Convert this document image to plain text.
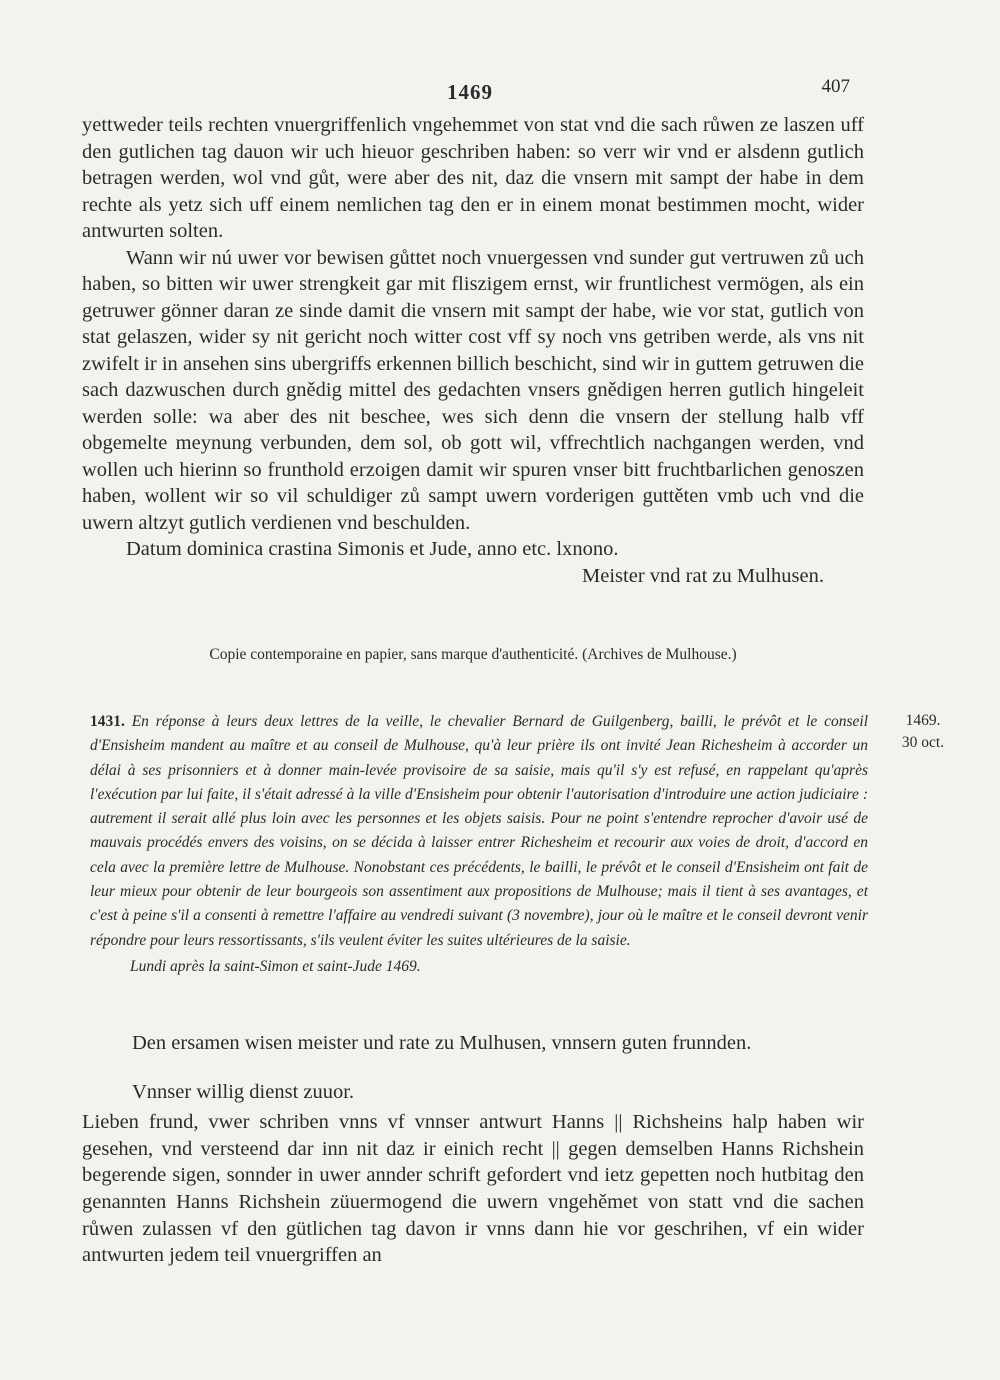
1469	407

yettweder teils rechten vnuergriffenlich vngehemmet von stat vnd die sach růwen ze laszen uff den gutlichen tag dauon wir uch hieuor geschriben haben: so verr wir vnd er alsdenn gutlich betragen werden, wol vnd gůt, were aber des nit, daz die vnsern mit sampt der habe in dem rechte als yetz sich uff einem nemlichen tag den er in einem monat bestimmen mocht, wider antwurten solten.

Wann wir nú uwer vor bewisen gůttet noch vnuergessen vnd sunder gut vertruwen zů uch haben, so bitten wir uwer strengkeit gar mit fliszigem ernst, wir fruntlichest vermögen, als ein getruwer gönner daran ze sinde damit die vnsern mit sampt der habe, wie vor stat, gutlich von stat gelaszen, wider sy nit gericht noch witter cost vff sy noch vns getriben werde, als vns nit zwifelt ir in ansehen sins ubergriffs erkennen billich beschicht, sind wir in guttem getruwen die sach dazwuschen durch gnědig mittel des gedachten vnsers gnědigen herren gutlich hingeleit werden solle: wa aber des nit beschee, wes sich denn die vnsern der stellung halb vff obgemelte meynung verbunden, dem sol, ob gott wil, vffrechtlich nachgangen werden, vnd wollen uch hierinn so frunthold erzoigen damit wir spuren vnser bitt fruchtbarlichen genoszen haben, wollent wir so vil schuldiger zů sampt uwern vorderigen guttěten vmb uch vnd die uwern altzyt gutlich verdienen vnd beschulden.

Datum dominica crastina Simonis et Jude, anno etc. lxnono.

Meister vnd rat zu Mulhusen.

Copie contemporaine en papier, sans marque d'authenticité. (Archives de Mulhouse.)

1431. En réponse à leurs deux lettres de la veille, le chevalier Bernard de Guilgenberg, bailli, le prévôt et le conseil d'Ensisheim mandent au maître et au conseil de Mulhouse, qu'à leur prière ils ont invité Jean Richesheim à accorder un délai à ses prisonniers et à donner main-levée provisoire de sa saisie, mais qu'il s'y est refusé, en rappelant qu'après l'exécution par lui faite, il s'était adressé à la ville d'Ensisheim pour obtenir l'autorisation d'introduire une action judiciaire : autrement il serait allé plus loin avec les personnes et les objets saisis. Pour ne point s'entendre reprocher d'avoir usé de mauvais procédés envers des voisins, on se décida à laisser entrer Richesheim et recourir aux voies de droit, d'accord en cela avec la première lettre de Mulhouse. Nonobstant ces précédents, le bailli, le prévôt et le conseil d'Ensisheim ont fait de leur mieux pour obtenir de leur bourgeois son assentiment aux propositions de Mulhouse; mais il tient à ses avantages, et c'est à peine s'il a consenti à remettre l'affaire au vendredi suivant (3 novembre), jour où le maître et le conseil devront venir répondre pour leurs ressortissants, s'ils veulent éviter les suites ultérieures de la saisie.

Lundi après la saint-Simon et saint-Jude 1469.

1469.
30 oct.

Den ersamen wisen meister und rate zu Mulhusen, vnnsern guten frunnden.

Vnnser willig dienst zuuor.

Lieben frund, vwer schriben vnns vf vnnser antwurt Hanns || Richsheins halp haben wir gesehen, vnd versteend dar inn nit daz ir einich recht || gegen demselben Hanns Richshein begerende sigen, sonnder in uwer annder schrift gefordert vnd ietz gepetten noch hutbitag den genannten Hanns Richshein züuermogend die uwern vngehěmet von statt vnd die sachen růwen zulassen vf den gütlichen tag davon ir vnns dann hie vor geschrihen, vf ein wider antwurten jedem teil vnuergriffen an
